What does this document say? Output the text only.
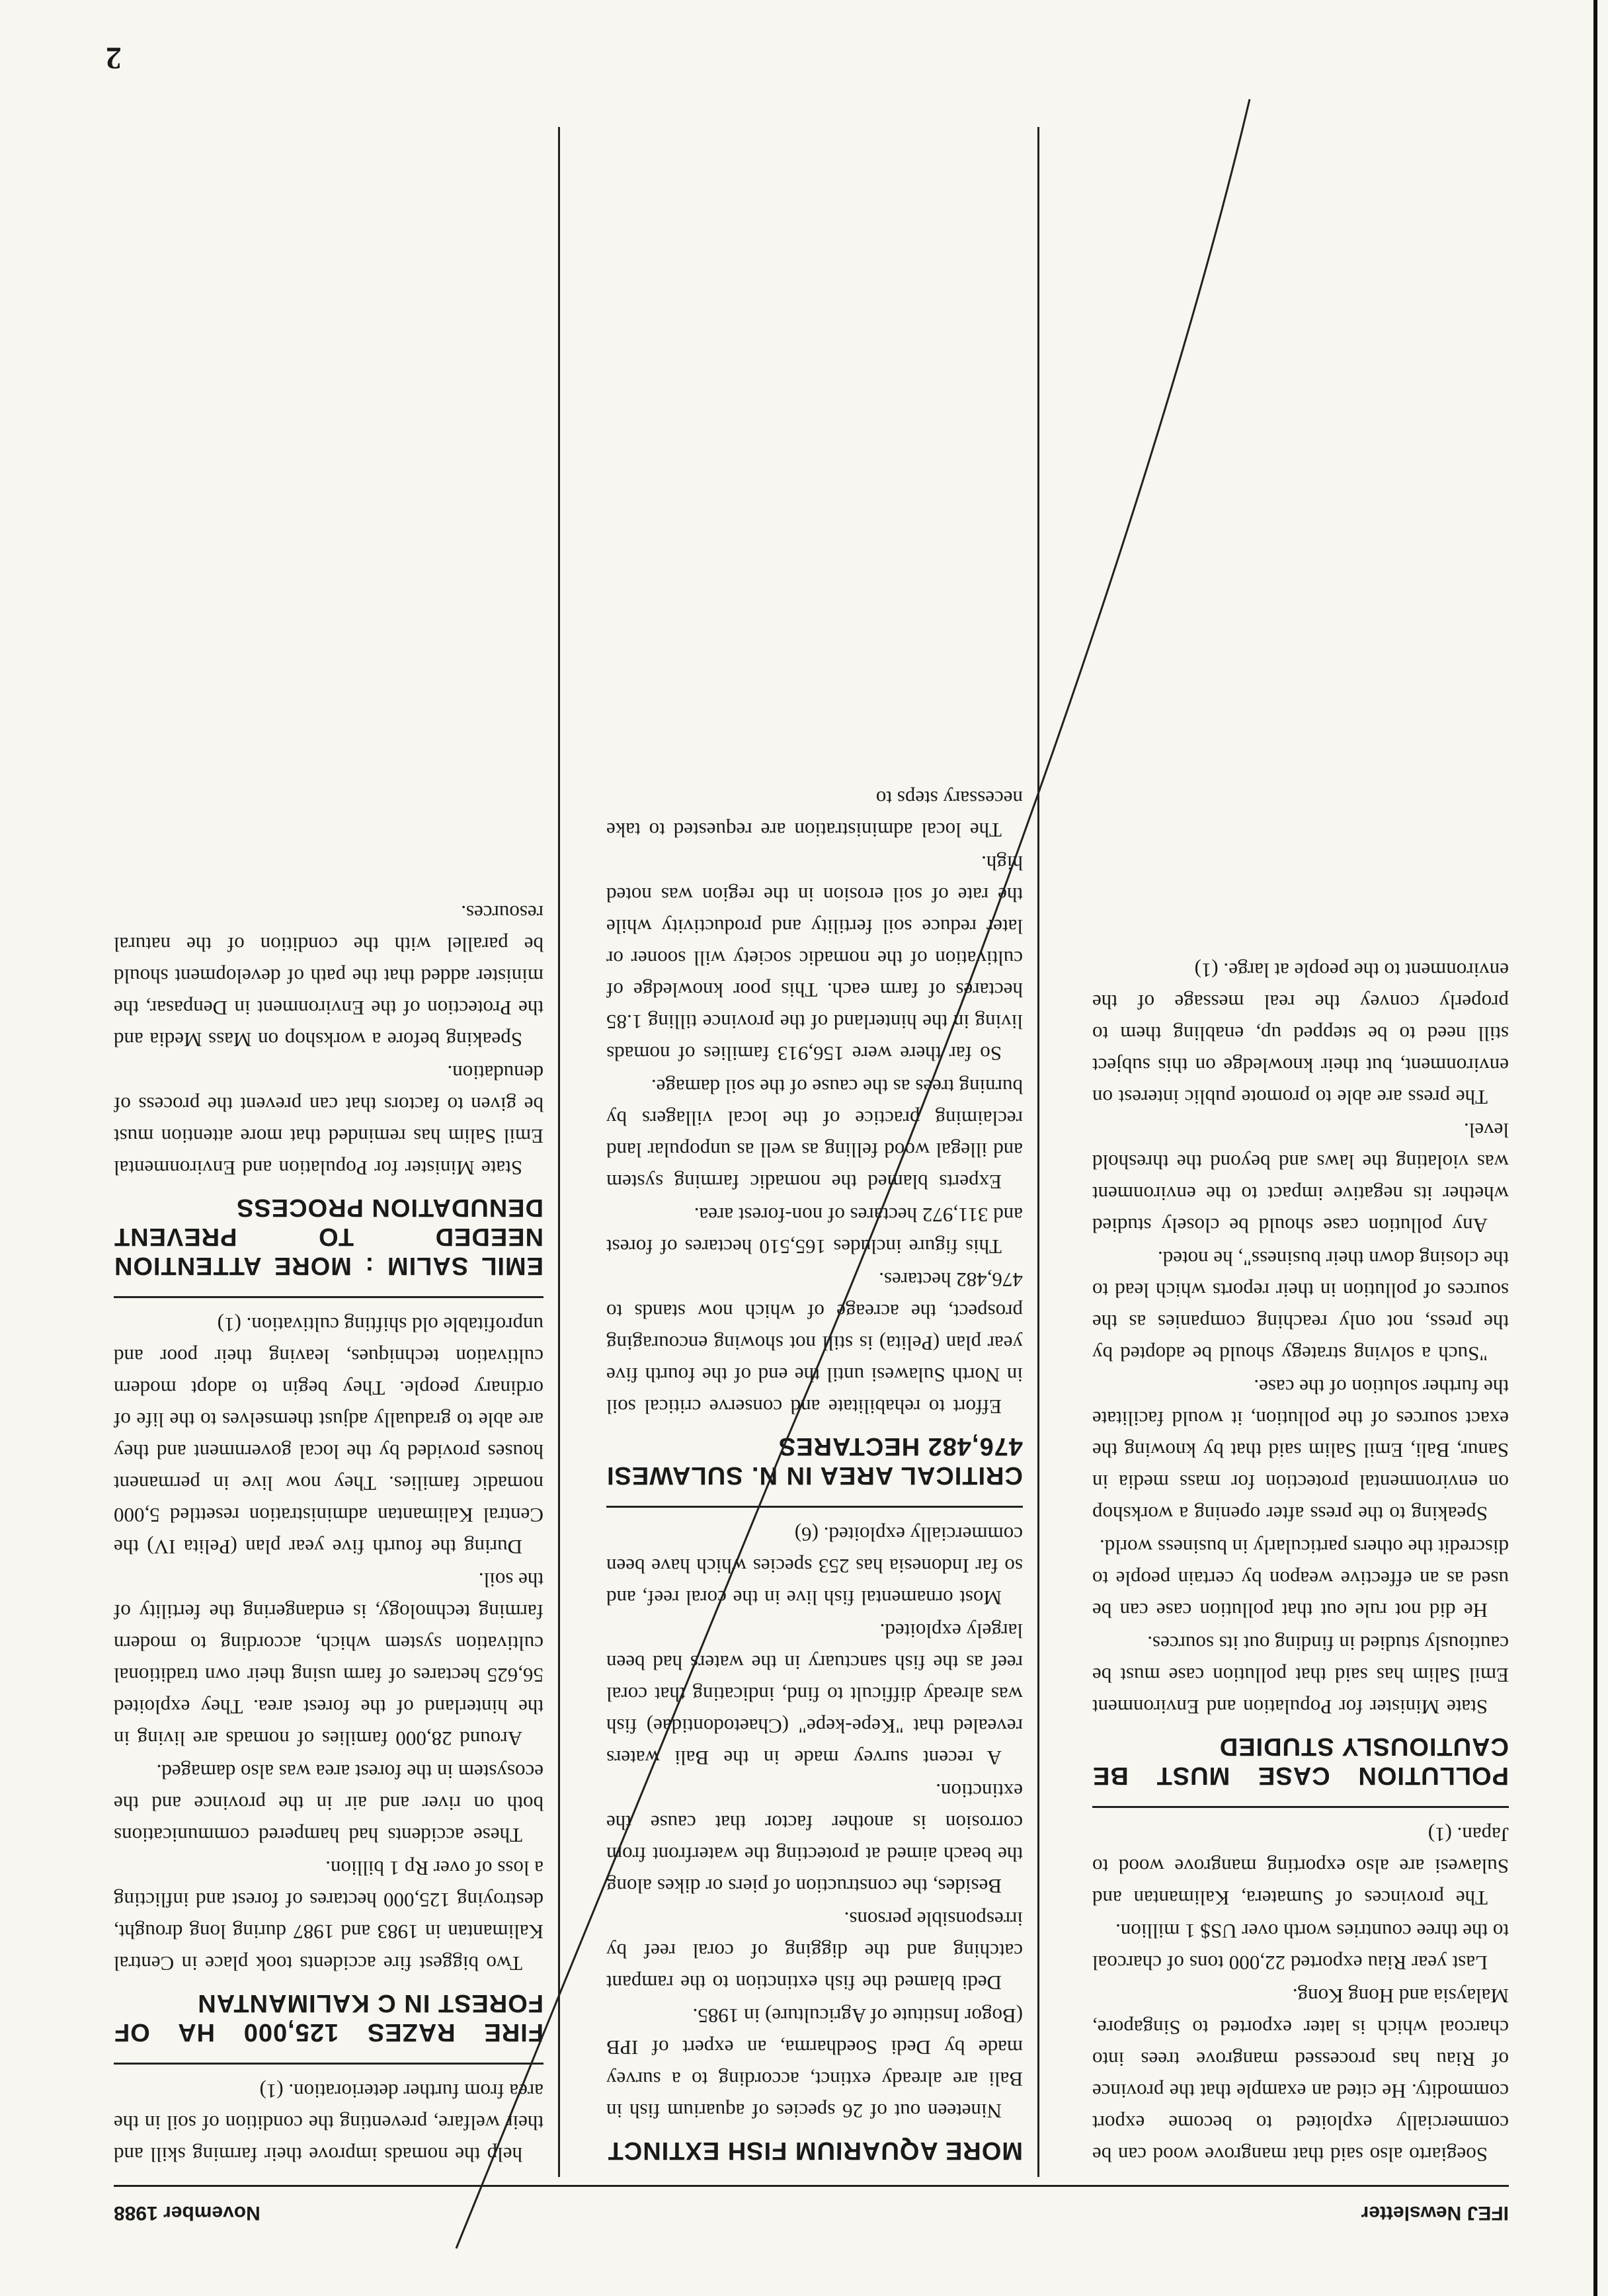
IFEJ Newsletter
November 1988

Soegiarto also said that mangrove wood can be commercially exploited to become export commodity. He cited an example that the province of Riau has processed mangrove trees into charcoal which is later exported to Singapore, Malaysia and Hong Kong.

Last year Riau exported 22,000 tons of charcoal to the three countries worth over US$ 1 million.

The provinces of Sumatera, Kalimantan and Sulawesi are also exporting mangrove wood to Japan. (1)

POLLUTION CASE MUST BE CAUTIOUSLY STUDIED

State Minister for Population and Environment Emil Salim has said that pollution case must be cautiously studied in finding out its sources.

He did not rule out that pollution case can be used as an effective weapon by certain people to discredit the others particularly in business world.

Speaking to the press after opening a workshop on environmental protection for mass media in Sanur, Bali, Emil Salim said that by knowing the exact sources of the pollution, it would facilitate the further solution of the case.

"Such a solving strategy should be adopted by the press, not only reaching companies as the sources of pollution in their reports which lead to the closing down their business", he noted.

Any pollution case should be closely studied whether its negative impact to the environment was violating the laws and beyond the threshold level.

The press are able to promote public interest on environment, but their knowledge on this subject still need to be stepped up, enabling them to properly convey the real message of the environment to the people at large. (1)

MORE AQUARIUM FISH EXTINCT

Nineteen out of 26 species of aquarium fish in Bali are already extinct, according to a survey made by Dedi Soedharma, an expert of IPB (Bogor Institute of Agriculture) in 1985.

Dedi blamed the fish extinction to the rampant catching and the digging of coral reef by irresponsible persons.

Besides, the construction of piers or dikes along the beach aimed at protecting the waterfront from corrosion is another factor that cause the extinction.

A recent survey made in the Bali waters revealed that "Kepe-kepe" (Chaetodontidae) fish was already difficult to find, indicating that coral reef as the fish sanctuary in the waters had been largely exploited.

Most ornamental fish live in the coral reef, and so far Indonesia has 253 species which have been commercially exploited. (6)

CRITICAL AREA IN N. SULAWESI 476,482 HECTARES

Effort to rehabilitate and conserve critical soil in North Sulawesi until the end of the fourth five year plan (Pelita) is still not showing encouraging prospect, the acreage of which now stands to 476,482 hectares.

This figure includes 165,510 hectares of forest and 311,972 hectares of non-forest area.

Experts blamed the nomadic farming system and illegal wood felling as well as unpopular land reclaiming practice of the local villagers by burning trees as the cause of the soil damage.

So far there were 156,913 families of nomads living in the hinterland of the province tilling 1.85 hectares of farm each. This poor knowledge of cultivation of the nomadic society will sooner or later reduce soil fertility and productivity while the rate of soil erosion in the region was noted high.

The local administration are requested to take necessary steps to

help the nomads improve their farming skill and their welfare, preventing the condition of soil in the area from further deterioration. (1)

FIRE RAZES 125,000 HA OF FOREST IN C KALIMANTAN

Two biggest fire accidents took place in Central Kalimantan in 1983 and 1987 during long drought, destroying 125,000 hectares of forest and inflicting a loss of over Rp 1 billion.

These accidents had hampered communications both on river and air in the province and the ecosystem in the forest area was also damaged.

Around 28,000 families of nomads are living in the hinterland of the forest area. They exploited 56,625 hectares of farm using their own traditional cultivation system which, according to modern farming technology, is endangering the fertility of the soil.

During the fourth five year plan (Pelita IV) the Central Kalimantan administration resettled 5,000 nomadic families. They now live in permanent houses provided by the local government and they are able to gradually adjust themselves to the life of ordinary people. They begin to adopt modern cultivation techniques, leaving their poor and unprofitable old shifting cultivation. (1)

EMIL SALIM : MORE ATTENTION NEEDED TO PREVENT DENUDATION PROCESS

State Minister for Population and Environmental Emil Salim has reminded that more attention must be given to factors that can prevent the process of denudation.

Speaking before a workshop on Mass Media and the Protection of the Environment in Denpasar, the minister added that the path of development should be parallel with the condition of the natural resources.

2
